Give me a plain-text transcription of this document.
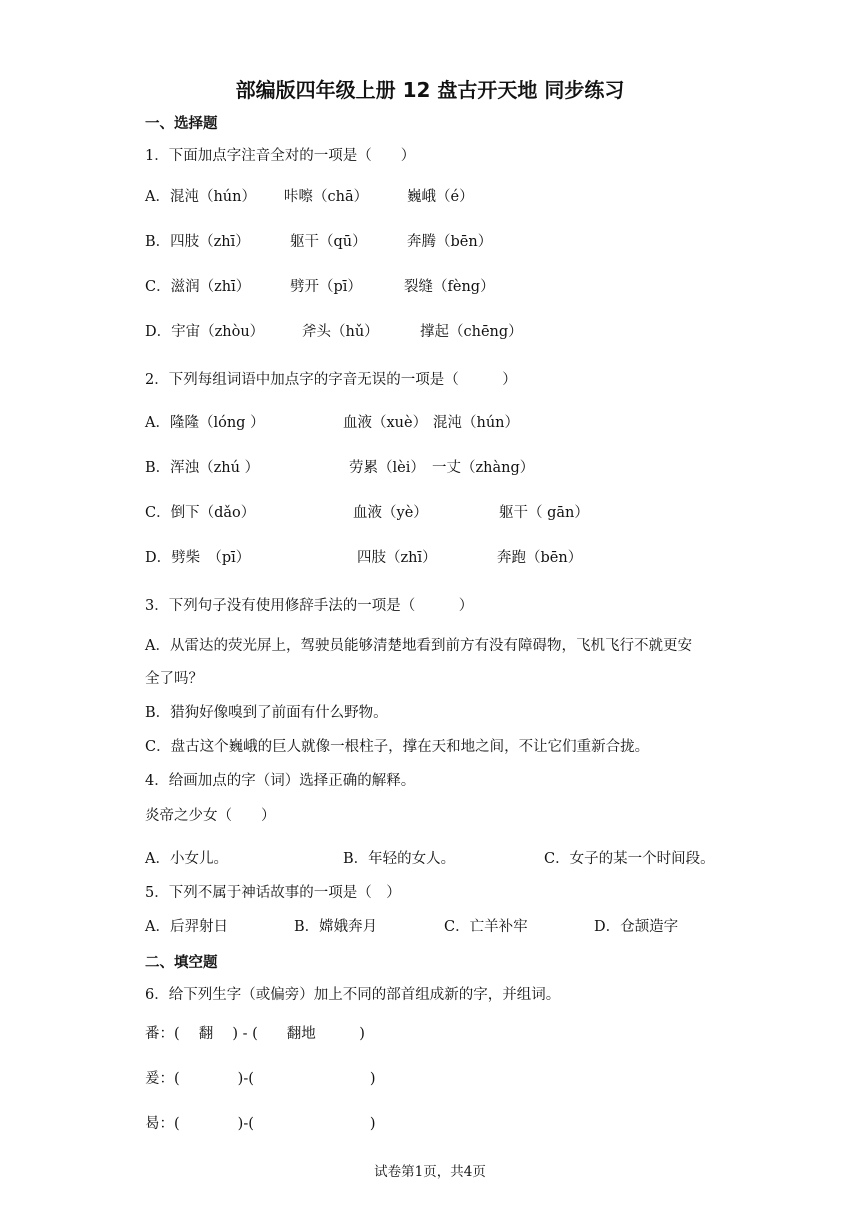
部编版四年级上册 12 盘古开天地 同步练习
一、选择题
1．下面加点字注音全对的一项是（　　）
A．混沌（hún） 咔嚓（chā）	巍峨（é）
B．四肢（zhī）	躯干（qū）	奔腾（bēn）
C．滋润（zhī）	劈开（pī）	裂缝（fèng）
D．宇宙（zhòu）	斧头（hǔ）	撑起（chēng）
2．下列每组词语中加点字的字音无误的一项是（　　　）
A．隆隆（lóng ）	血液（xuè） 混沌（hún）
B．浑浊（zhú ）	劳累（lèi） 一丈（zhàng）
C．倒下（dǎo）	血液（yè）	躯干（ gān）
D．劈柴　（pī）	四肢（zhī）	奔跑（bēn）
3．下列句子没有使用修辞手法的一项是（　　　）
A．从雷达的荧光屏上，驾驶员能够清楚地看到前方有没有障碍物，飞机飞行不就更安
全了吗？
B．猎狗好像嗅到了前面有什么野物。
C．盘古这个巍峨的巨人就像一根柱子，撑在天和地之间，不让它们重新合拢。
4．给画加点的字（词）选择正确的解释。
炎帝之少女（　　）
A．小女儿。	B．年轻的女人。	C．女子的某一个时间段。
5．下列不属于神话故事的一项是（　）
A．后羿射日	B．嫦娥奔月	C．亡羊补牢	D．仓颉造字
二、填空题
6．给下列生字（或偏旁）加上不同的部首组成新的字，并组词。
番：(　 翻　 ) - (　　翻地　　　)
爰：(　　　　)-(　　　　　　　　)
曷：(　　　　)-(　　　　　　　　)
试卷第1页，共4页
